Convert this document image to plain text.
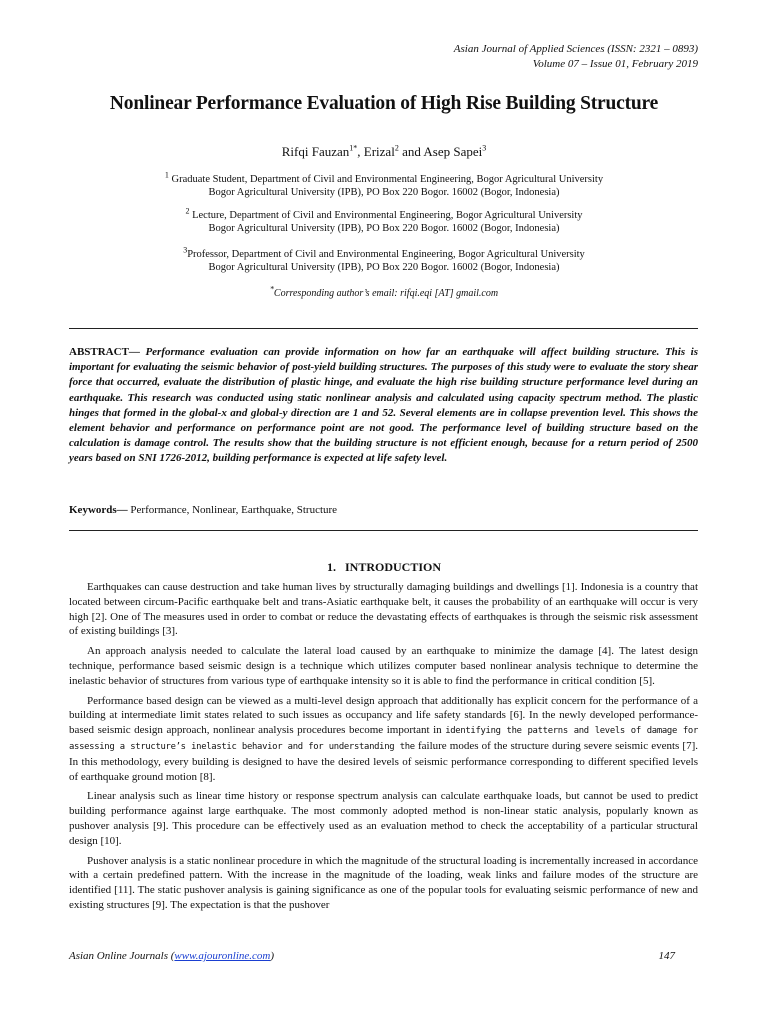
Asian Journal of Applied Sciences (ISSN: 2321 – 0893)
Volume 07 – Issue 01, February 2019
Nonlinear Performance Evaluation of High Rise Building Structure
Rifqi Fauzan$^{1*}$, Erizal$^2$ and Asep Sapei$^3$
$^1$ Graduate Student, Department of Civil and Environmental Engineering, Bogor Agricultural University
Bogor Agricultural University (IPB), PO Box 220 Bogor. 16002 (Bogor, Indonesia)
$^2$ Lecture, Department of Civil and Environmental Engineering, Bogor Agricultural University
Bogor Agricultural University (IPB), PO Box 220 Bogor. 16002 (Bogor, Indonesia)
$^3$Professor, Department of Civil and Environmental Engineering, Bogor Agricultural University
Bogor Agricultural University (IPB), PO Box 220 Bogor. 16002 (Bogor, Indonesia)
*Corresponding author’s email: rifqi.eqi [AT] gmail.com
ABSTRACT— Performance evaluation can provide information on how far an earthquake will affect building structure. This is important for evaluating the seismic behavior of post-yield building structures. The purposes of this study were to evaluate the story shear force that occurred, evaluate the distribution of plastic hinge, and evaluate the high rise building structure performance level during an earthquake. This research was conducted using static nonlinear analysis and calculated using capacity spectrum method. The plastic hinges that formed in the global-x and global-y direction are 1 and 52. Several elements are in collapse prevention level. This shows the element behavior and performance on performance point are not good. The performance level of building structure based on the calculation is damage control. The results show that the building structure is not efficient enough, because for a return period of 2500 years based on SNI 1726-2012, building performance is expected at life safety level.
Keywords— Performance, Nonlinear, Earthquake, Structure
1. INTRODUCTION

Earthquakes can cause destruction and take human lives by structurally damaging buildings and dwellings [1]. Indonesia is a country that located between circum-Pacific earthquake belt and trans-Asiatic earthquake belt, it causes the probability of an earthquake will occur is very high [2]. One of The measures used in order to combat or reduce the devastating effects of earthquakes is through the seismic risk assessment of existing buildings [3].

An approach analysis needed to calculate the lateral load caused by an earthquake to minimize the damage [4]. The latest design technique, performance based seismic design is a technique which utilizes computer based nonlinear analysis technique to determine the inelastic behavior of structures from various type of earthquake intensity so it is able to find the performance in critical condition [5].

Performance based design can be viewed as a multi-level design approach that additionally has explicit concern for the performance of a building at intermediate limit states related to such issues as occupancy and life safety standards [6]. In the newly developed performance-based seismic design approach, nonlinear analysis procedures become important in identifying the patterns and levels of damage for assessing a structure’s inelastic behavior and for understanding the failure modes of the structure during severe seismic events [7]. In this methodology, every building is designed to have the desired levels of seismic performance corresponding to different specified levels of earthquake ground motion [8].

Linear analysis such as linear time history or response spectrum analysis can calculate earthquake loads, but cannot be used to predict building performance against large earthquake. The most commonly adopted method is non-linear static analysis, popularly known as pushover analysis [9]. This procedure can be effectively used as an evaluation method to check the acceptability of a particular structural design [10].

Pushover analysis is a static nonlinear procedure in which the magnitude of the structural loading is incrementally increased in accordance with a certain predefined pattern. With the increase in the magnitude of the loading, weak links and failure modes of the structure are identified [11]. The static pushover analysis is gaining significance as one of the popular tools for evaluating seismic performance of new and existing structures [9]. The expectation is that the pushover

Asian Online Journals (www.ajouronline.com)	147
